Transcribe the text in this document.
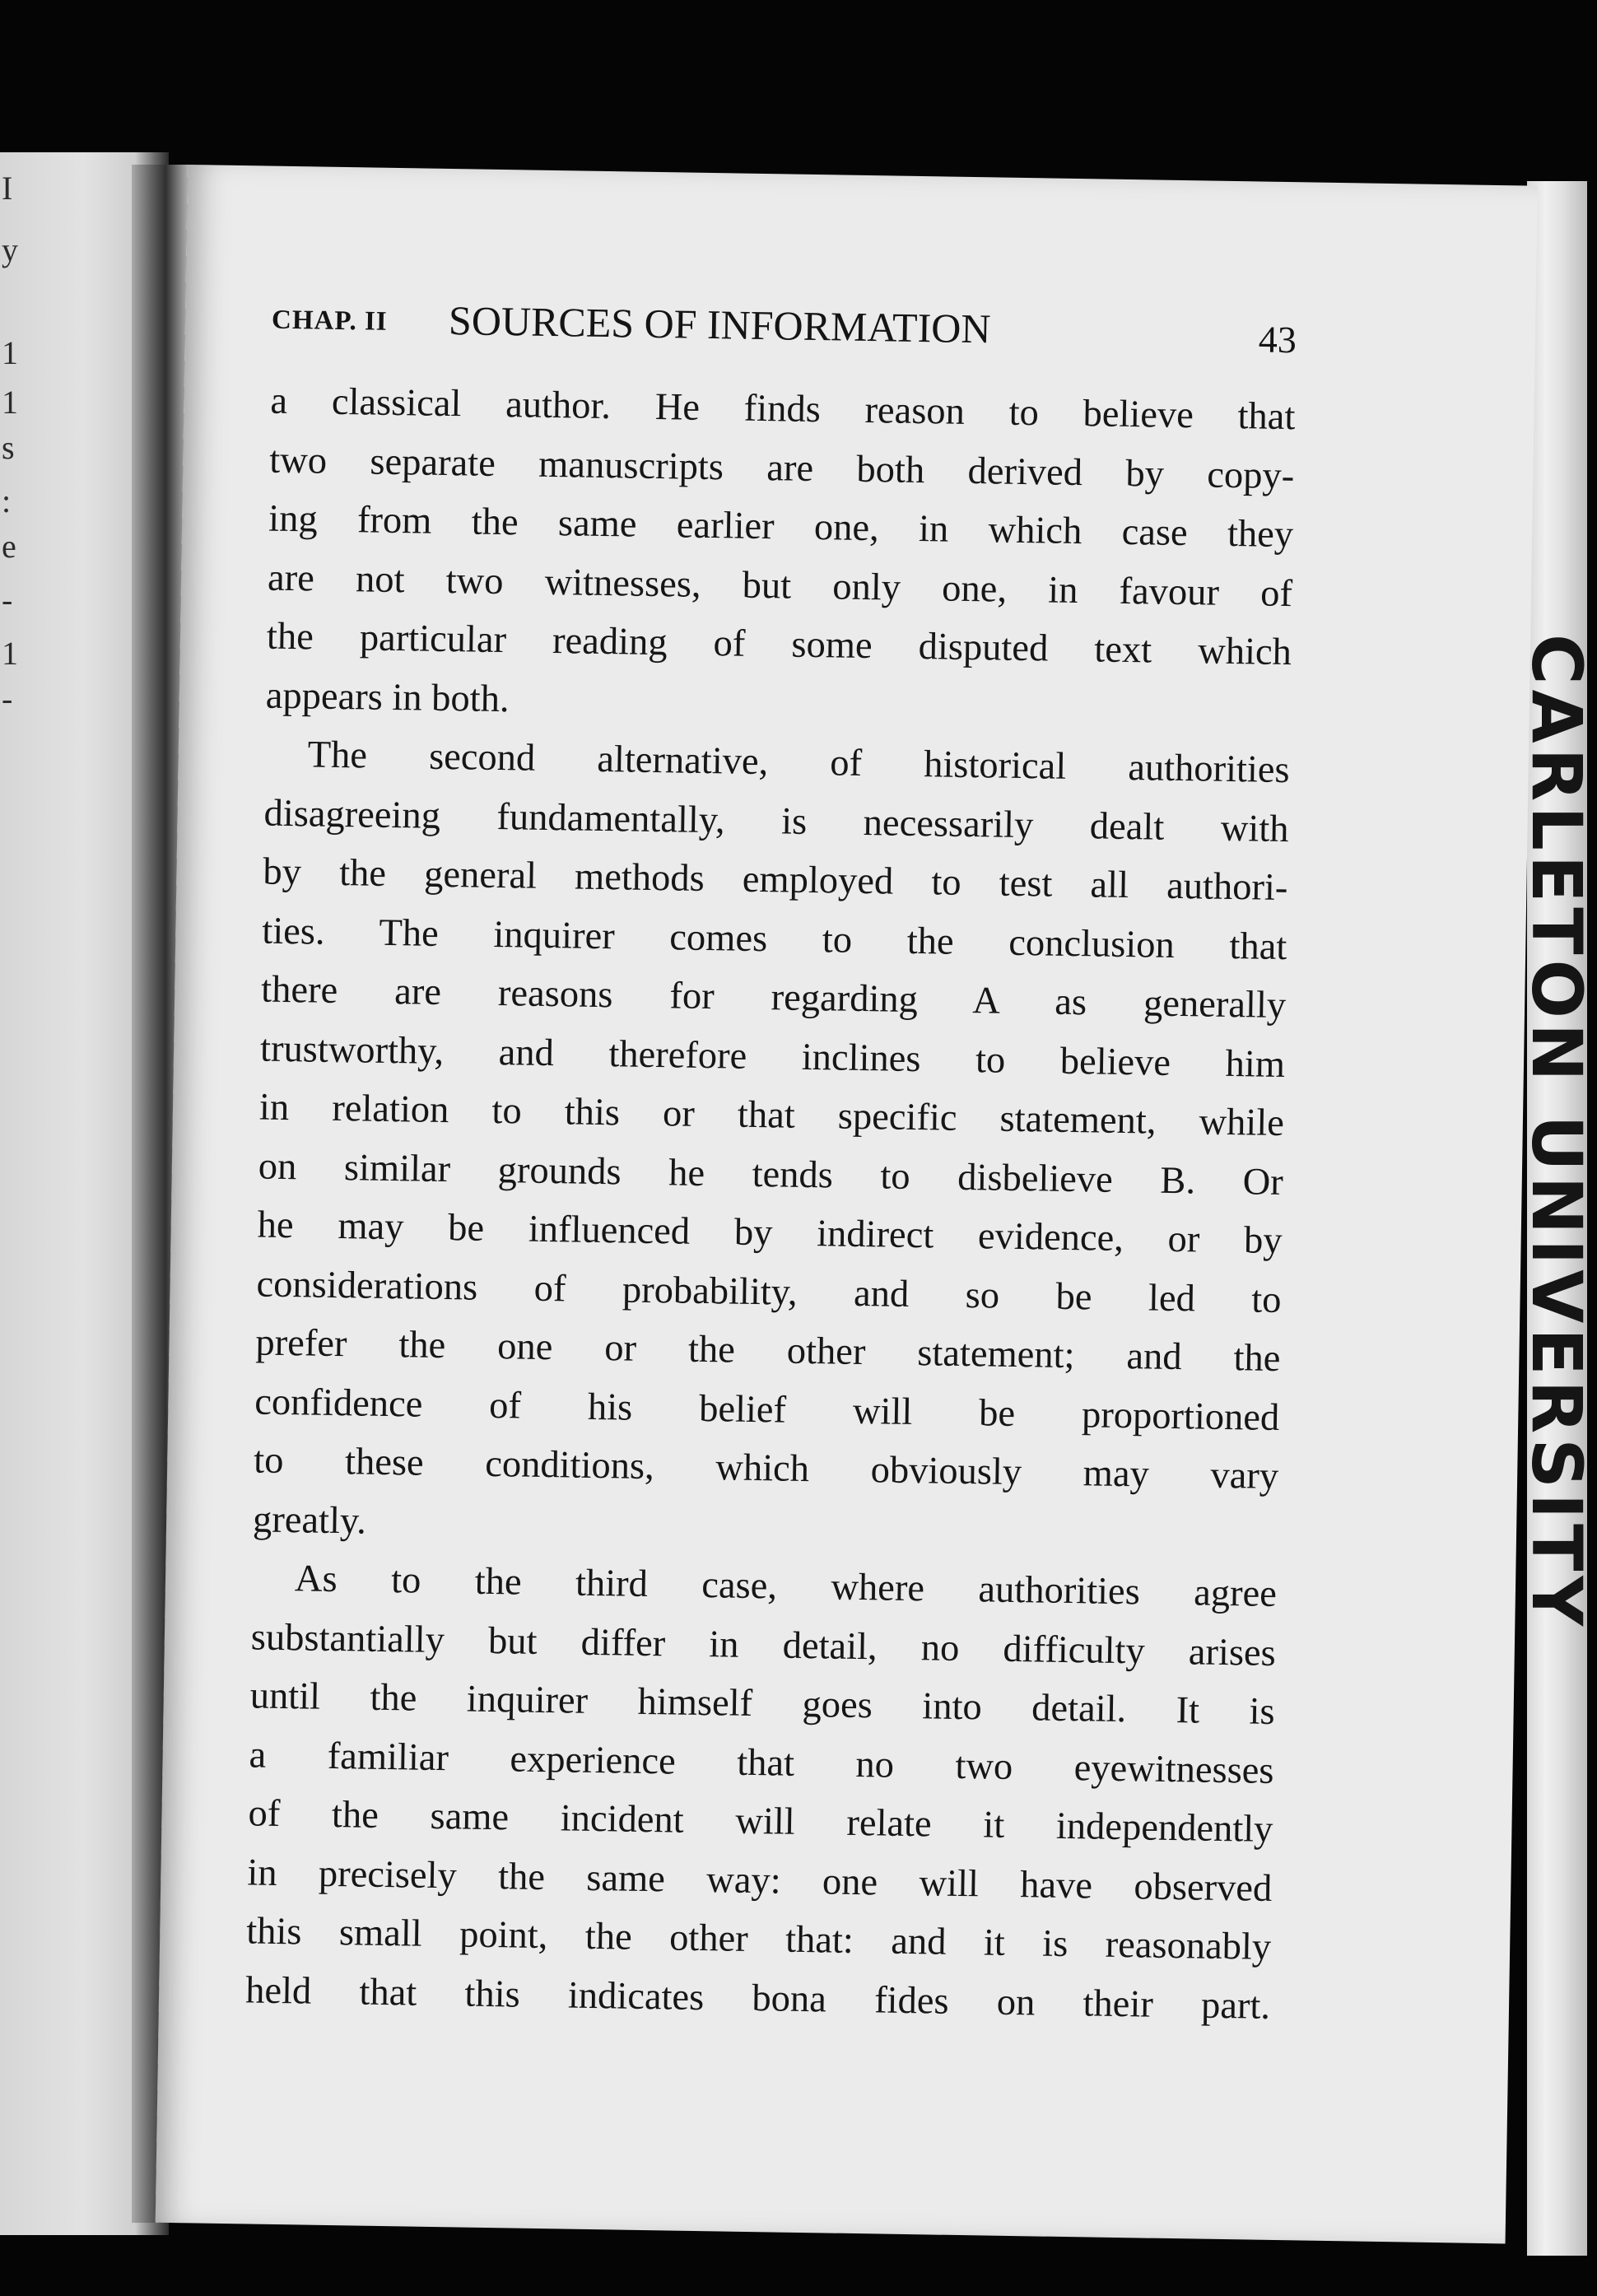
I
y
1
1
s
:
e
-
1
-
CHAP. II SOURCES OF INFORMATION	43
a classical author. He finds reason to believe that
two separate manuscripts are both derived by copy-
ing from the same earlier one, in which case they
are not two witnesses, but only one, in favour of
the particular reading of some disputed text which
appears in both.
The second alternative, of historical authorities
disagreeing fundamentally, is necessarily dealt with
by the general methods employed to test all authori-
ties. The inquirer comes to the conclusion that
there are reasons for regarding A as generally
trustworthy, and therefore inclines to believe him
in relation to this or that specific statement, while
on similar grounds he tends to disbelieve B. Or
he may be influenced by indirect evidence, or by
considerations of probability, and so be led to
prefer the one or the other statement; and the
confidence of his belief will be proportioned
to these conditions, which obviously may vary
greatly.
As to the third case, where authorities agree
substantially but differ in detail, no difficulty arises
until the inquirer himself goes into detail. It is
a familiar experience that no two eyewitnesses
of the same incident will relate it independently
in precisely the same way: one will have observed
this small point, the other that: and it is reasonably
held that this indicates bona fides on their part.
CARLETON UNIVERSITY
